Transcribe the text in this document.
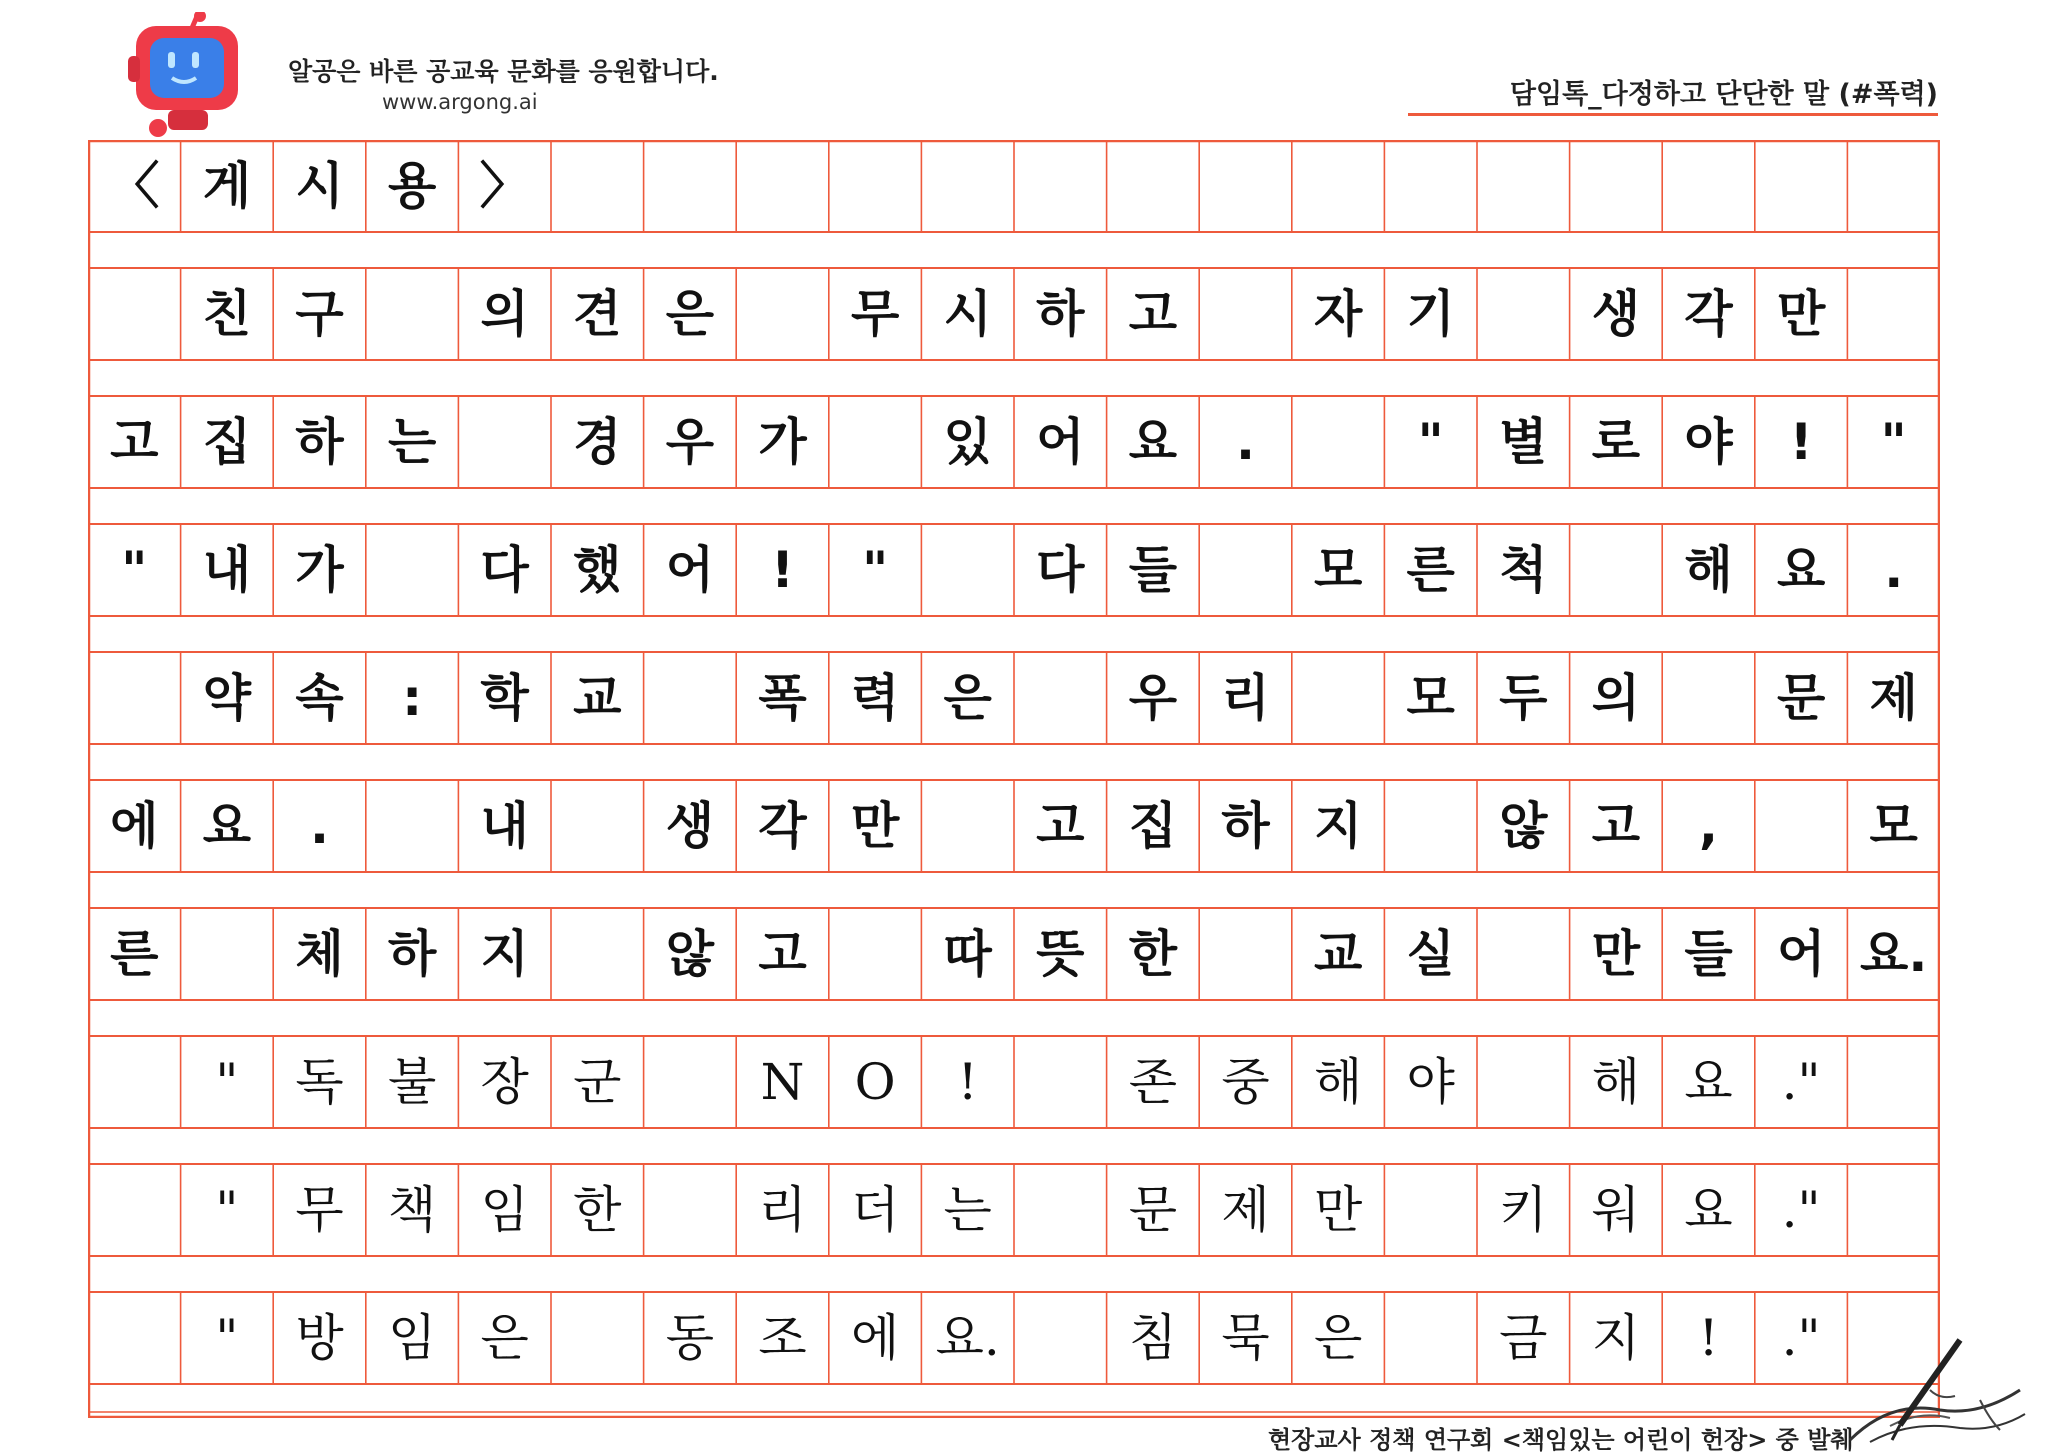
알공은 바른 공교육 문화를 응원합니다.
www.argong.ai	담임톡_다정하고 단단한 말 (#폭력)
〈 게 시 용 〉
친 구	의 견 은	무 시 하 고	자 기	생 각 만
고 집 하 는	경 우 가	있 어 요	.	"	별 로 야	!	"
"	내 가	다 했 어	!	"	다 들	모 른 척	해 요	.
약 속	:	학 교	폭 력 은	우 리	모 두 의	문 제
에 요	.	내	생 각 만	고 집 하 지	않 고	,	모
른	체 하 지	않 고	따 뜻 한	교 실	만 들 어 요.
"	독 불 장 군	N	O	!	존 중 해 야	해 요 ."
"	무 책 임 한	리 더 는	문 제 만	키 워 요 ."
"	방 임 은	동 조 에 요.	침 묵 은	금 지	!	."
현장교사 정책 연구회 <책임있는 어린이 헌장> 중 발췌
